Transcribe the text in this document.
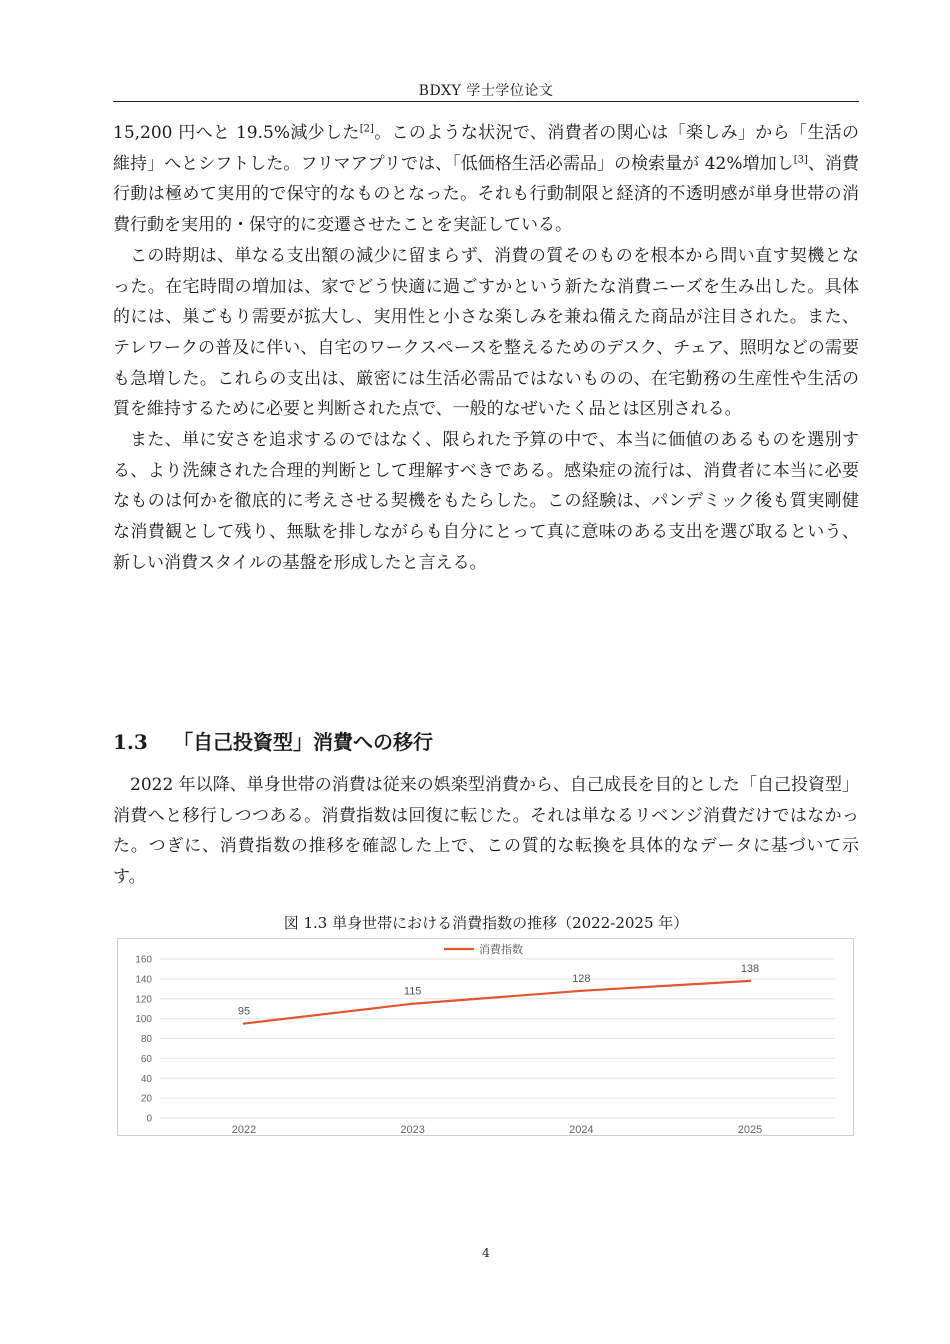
BDXY 学士学位论文

15,200 円へと 19.5%減少した[2]。このような状況で、消費者の関心は「楽しみ」から「生活の維持」へとシフトした。フリマアプリでは、「低価格生活必需品」の検索量が 42%増加し[3]、消費行動は極めて実用的で保守的なものとなった。それも行動制限と経済的不透明感が単身世帯の消費行動を実用的・保守的に変遷させたことを実証している。

この時期は、単なる支出額の減少に留まらず、消費の質そのものを根本から問い直す契機となった。在宅時間の増加は、家でどう快適に過ごすかという新たな消費ニーズを生み出した。具体的には、巣ごもり需要が拡大し、実用性と小さな楽しみを兼ね備えた商品が注目された。また、テレワークの普及に伴い、自宅のワークスペースを整えるためのデスク、チェア、照明などの需要も急増した。これらの支出は、厳密には生活必需品ではないものの、在宅勤務の生産性や生活の質を維持するために必要と判断された点で、一般的なぜいたく品とは区別される。

また、単に安さを追求するのではなく、限られた予算の中で、本当に価値のあるものを選別する、より洗練された合理的判断として理解すべきである。感染症の流行は、消費者に本当に必要なものは何かを徹底的に考えさせる契機をもたらした。この経験は、パンデミック後も質実剛健な消費観として残り、無駄を排しながらも自分にとって真に意味のある支出を選び取るという、新しい消費スタイルの基盤を形成したと言える。

1.3 「自己投資型」消費への移行

2022 年以降、単身世帯の消費は従来の娯楽型消費から、自己成長を目的とした「自己投資型」消費へと移行しつつある。消費指数は回復に転じた。それは単なるリベンジ消費だけではなかった。つぎに、消費指数の推移を確認した上で、この質的な転換を具体的なデータに基づいて示す。

図 1.3 単身世帯における消費指数の推移（2022-2025 年）
0
20
40
60
80
100
120
140
160
2022	2023	2024	2025
95
115
128
138
消費指数
4
